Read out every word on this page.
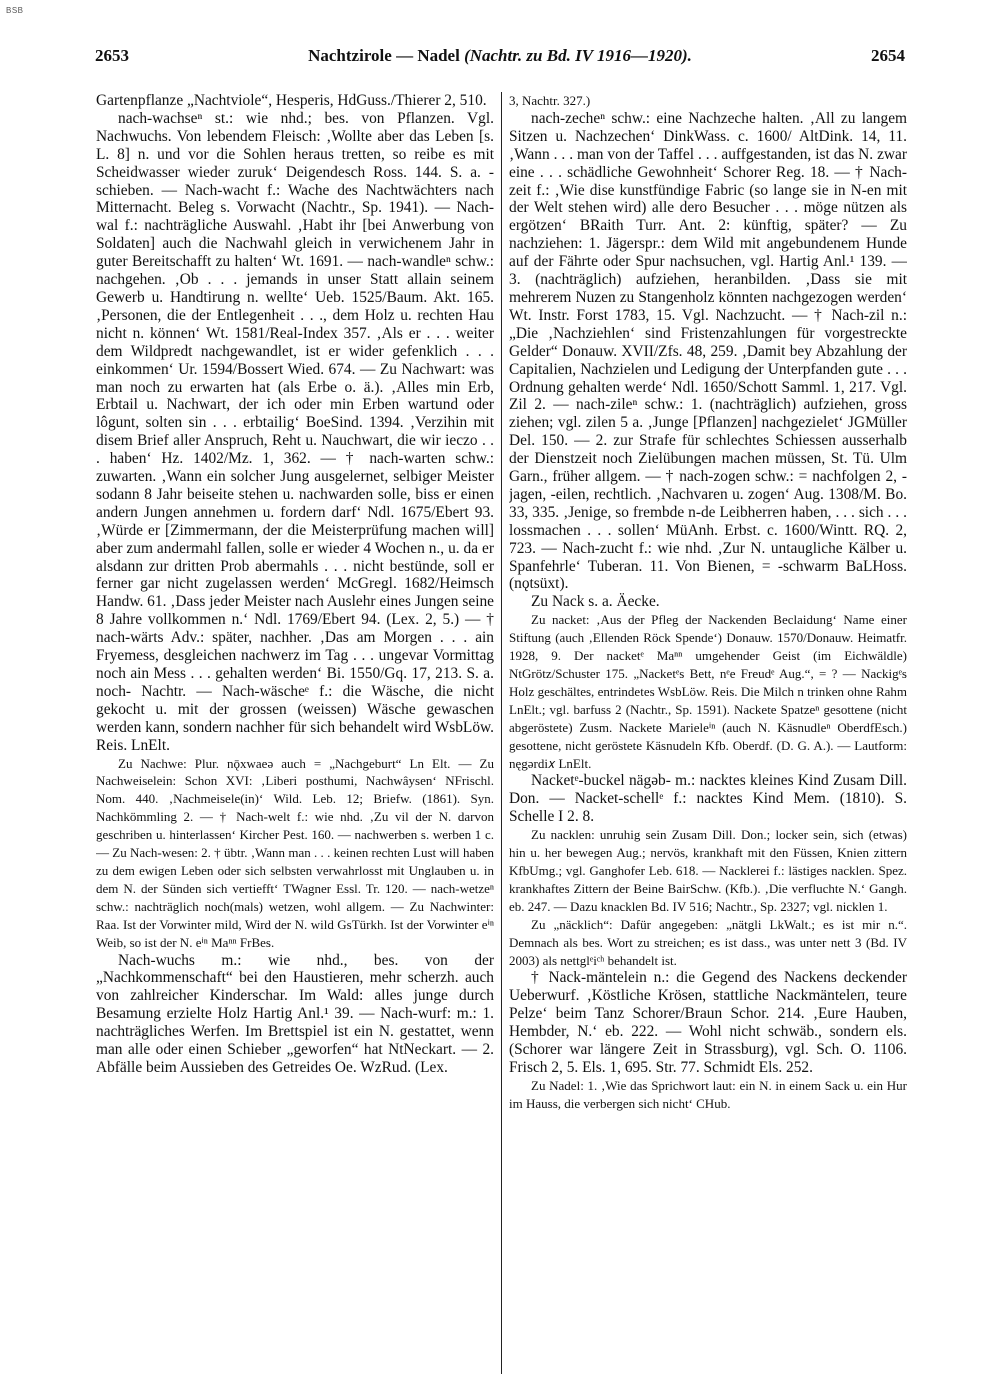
BSB
2653	Nachtzirole — Nadel (Nachtr. zu Bd. IV 1916—1920).	2654

Gartenpflanze „Nachtviole“, Hesperis, HdGuss./Thierer 2, 510.

nach-wachseⁿ st.: wie nhd.; bes. von Pflanzen. Vgl. Nachwuchs. Von lebendem Fleisch: ‚Wollte aber das Leben [s. L. 8] n. und vor die Sohlen heraus tretten, so reibe es mit Scheidwasser wieder zuruk‘ Deigendesch Ross. 144. S. a. -schieben. — Nach-wacht f.: Wache des Nachtwächters nach Mitternacht. Beleg s. Vorwacht (Nachtr., Sp. 1941). — Nach-wal f.: nachträgliche Auswahl. ‚Habt ihr [bei Anwerbung von Soldaten] auch die Nachwahl gleich in verwichenem Jahr in guter Bereitschafft zu halten‘ Wt. 1691. — nach-wandleⁿ schw.: nachgehen. ‚Ob . . . jemands in unser Statt allain seinem Gewerb u. Handtirung n. wellte‘ Ueb. 1525/Baum. Akt. 165. ‚Personen, die der Entlegenheit . . ., dem Holz u. rechten Hau nicht n. können‘ Wt. 1581/Real-Index 357. ‚Als er . . . weiter dem Wildpredt nachgewandlet, ist er wider gefenklich . . . einkommen‘ Ur. 1594/Bossert Wied. 674. — Zu Nachwart: was man noch zu erwarten hat (als Erbe o. ä.). ‚Alles min Erb, Erbtail u. Nachwart, der ich oder min Erben wartund oder lôgunt, solten sin . . . erbtailig‘ BoeSind. 1394. ‚Verzihin mit disem Brief aller Anspruch, Reht u. Nauchwart, die wir ieczo . . . haben‘ Hz. 1402/Mz. 1, 362. — † nach-warten schw.: zuwarten. ‚Wann ein solcher Jung ausgelernet, selbiger Meister sodann 8 Jahr beiseite stehen u. nachwarden solle, biss er einen andern Jungen annehmen u. fordern darf‘ Ndl. 1675/Ebert 93. ‚Würde er [Zimmermann, der die Meisterprüfung machen will] aber zum andermahl fallen, solle er wieder 4 Wochen n., u. da er alsdann zur dritten Prob abermahls . . . nicht bestünde, soll er ferner gar nicht zugelassen werden‘ McGregl. 1682/Heimsch Handw. 61. ‚Dass jeder Meister nach Auslehr eines Jungen seine 8 Jahre vollkommen n.‘ Ndl. 1769/Ebert 94. (Lex. 2, 5.) — † nach-wärts Adv.: später, nachher. ‚Das am Morgen . . . ain Fryemess, desgleichen nachwerz im Tag . . . ungevar Vormittag noch ain Mess . . . gehalten werden‘ Bi. 1550/Gq. 17, 213. S. a. noch- Nachtr. — Nach-wäscheᵉ f.: die Wäsche, die nicht gekocht u. mit der grossen (weissen) Wäsche gewaschen werden kann, sondern nachher für sich behandelt wird WsbLöw. Reis. LnElt.

Zu Nachwe: Plur. nǭxwaeə auch = „Nachgeburt“ Ln Elt. — Zu Nachweiselein: Schon XVI: ‚Liberi posthumi, Nachwâysen‘ NFrischl. Nom. 440. ‚Nachmeisele(in)‘ Wild. Leb. 12; Briefw. (1861). Syn. Nachkömmling 2. — † Nach-welt f.: wie nhd. ‚Zu vil der N. darvon geschriben u. hinterlassen‘ Kircher Pest. 160. — nachwerben s. werben 1 c. — Zu Nach-wesen: 2. † übtr. ‚Wann man . . . keinen rechten Lust will haben zu dem ewigen Leben oder sich selbsten verwahrlosst mit Unglauben u. in dem N. der Sünden sich vertiefft‘ TWagner Essl. Tr. 120. — nach-wetzeⁿ schw.: nachträglich noch(mals) wetzen, wohl allgem. — Zu Nachwinter: Raa. Ist der Vorwinter mild, Wird der N. wild GsTürkh. Ist der Vorwinter eⁱⁿ Weib, so ist der N. eⁱⁿ Maⁿⁿ FrBes.

Nach-wuchs m.: wie nhd., bes. von der „Nachkommenschaft“ bei den Haustieren, mehr scherzh. auch von zahlreicher Kinderschar. Im Wald: alles junge durch Besamung erzielte Holz Hartig Anl.¹ 39. — Nach-wurf: m.: 1. nachträgliches Werfen. Im Brettspiel ist ein N. gestattet, wenn man alle oder einen Schieber „geworfen“ hat NtNeckart. — 2. Abfälle beim Aussieben des Getreides Oe. WzRud. (Lex.

3, Nachtr. 327.)

nach-zecheⁿ schw.: eine Nachzeche halten. ‚All zu langem Sitzen u. Nachzechen‘ DinkWass. c. 1600/ AltDink. 14, 11. ‚Wann . . . man von der Taffel . . . auffgestanden, ist das N. zwar eine . . . schädliche Gewohnheit‘ Schorer Reg. 18. — † Nach-zeit f.: ‚Wie dise kunstfündige Fabric (so lange sie in N-en mit der Welt stehen wird) alle dero Besucher . . . möge nützen als ergötzen‘ BRaith Turr. Ant. 2: künftig, später? — Zu nachziehen: 1. Jägerspr.: dem Wild mit angebundenem Hunde auf der Fährte oder Spur nachsuchen, vgl. Hartig Anl.¹ 139. — 3. (nachträglich) aufziehen, heranbilden. ‚Dass sie mit mehrerem Nuzen zu Stangenholz könnten nachgezogen werden‘ Wt. Instr. Forst 1783, 15. Vgl. Nachzucht. — † Nach-zil n.: „Die ‚Nachziehlen‘ sind Fristenzahlungen für vorgestreckte Gelder“ Donauw. XVII/Zfs. 48, 259. ‚Damit bey Abzahlung der Capitalien, Nachzielen und Ledigung der Unterpfanden gute . . . Ordnung gehalten werde‘ Ndl. 1650/Schott Samml. 1, 217. Vgl. Zil 2. — nach-zileⁿ schw.: 1. (nachträglich) aufziehen, gross ziehen; vgl. zilen 5 a. ‚Junge [Pflanzen] nachgezielet‘ JGMüller Del. 150. — 2. zur Strafe für schlechtes Schiessen ausserhalb der Dienstzeit noch Zielübungen machen müssen, St. Tü. Ulm Garn., früher allgem. — † nach-zogen schw.: = nachfolgen 2, -jagen, -eilen, rechtlich. ‚Nachvaren u. zogen‘ Aug. 1308/M. Bo. 33, 335. ‚Jenige, so frembde n-de Leibherren haben, . . . sich . . . lossmachen . . . sollen‘ MüAnh. Erbst. c. 1600/Wintt. RQ. 2, 723. — Nach-zucht f.: wie nhd. ‚Zur N. untaugliche Kälber u. Spanfehrle‘ Tuberan. 11. Von Bienen, = -schwarm BaLHoss. (nǫtsüxt).

Zu Nack s. a. Äecke.

Zu nacket: ‚Aus der Pfleg der Nackenden Beclaidung‘ Name einer Stiftung (auch ‚Ellenden Röck Spende‘) Donauw. 1570/Donauw. Heimatfr. 1928, 9. Der nacketᵉ Maⁿⁿ umgehender Geist (im Eichwäldle) NtGrötz/Schuster 175. „Nacketᵉs Bett, nᵉe Freudᵉ Aug.“, = ? — Nackigᵉs Holz geschältes, entrindetes WsbLöw. Reis. Die Milch n trinken ohne Rahm LnElt.; vgl. barfuss 2 (Nachtr., Sp. 1591). Nackete Spatzeⁿ gesottene (nicht abgeröstete) Zusm. Nackete Marieleⁱⁿ (auch N. Käsnudleⁿ OberdfEsch.) gesottene, nicht geröstete Käsnudeln Kfb. Oberdf. (D. G. A.). — Lautform: nęgərdi𝑥 LnElt.

Nacketᵉ-buckel nägəb- m.: nacktes kleines Kind Zusam Dill. Don. — Nacket-schellᵉ f.: nacktes Kind Mem. (1810). S. Schelle I 2. 8.

Zu nacklen: unruhig sein Zusam Dill. Don.; locker sein, sich (etwas) hin u. her bewegen Aug.; nervös, krankhaft mit den Füssen, Knien zittern KfbUmg.; vgl. Ganghofer Leb. 618. — Nacklerei f.: lästiges nacklen. Spez. krankhaftes Zittern der Beine BairSchw. (Kfb.). ‚Die verfluchte N.‘ Gangh. eb. 247. — Dazu knacklen Bd. IV 516; Nachtr., Sp. 2327; vgl. nicklen 1.

Zu „näcklich“: Dafür angegeben: „nätgli LkWalt.; es ist mir n.“. Demnach als bes. Wort zu streichen; es ist dass., was unter nett 3 (Bd. IV 2003) als nettglᵉiᶜʰ behandelt ist.

† Nack-mäntelein n.: die Gegend des Nackens deckender Ueberwurf. ‚Köstliche Krösen, stattliche Nackmänteleп, teure Pelze‘ beim Tanz Schorer/Braun Schor. 214. ‚Eure Hauben, Hembder, N.‘ eb. 222. — Wohl nicht schwäb., sondern els. (Schorer war längere Zeit in Strassburg), vgl. Sch. O. 1106. Frisch 2, 5. Els. 1, 695. Str. 77. Schmidt Els. 252.

Zu Nadel: 1. ‚Wie das Sprichwort laut: ein N. in einem Sack u. ein Hur im Hauss, die verbergen sich nicht‘ CHub.
